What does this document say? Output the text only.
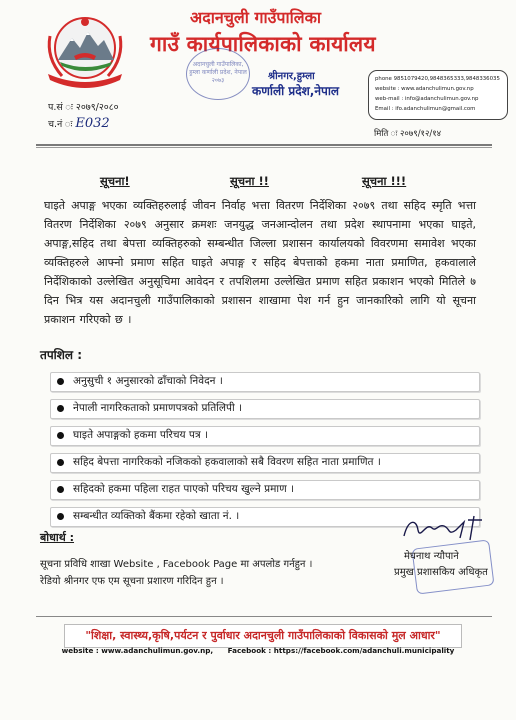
अदानचुली गाउँपालिका
गाउँ कार्यपालिकाको कार्यालय
अदानचुली गाउँपालिका, हुम्ला कर्णाली प्रदेश, नेपाल २०७३	श्रीनगर,हुम्ला
कर्णाली प्रदेश,नेपाल
phone 9851079420,9848365333,9848336035
website : www.adanchulimun.gov.np
web-mail : info@adanchulimun.gov.np
Email : ifo.adanchulimun@gmail.com
प.सं ः २०७९/२०८०
च.नं ः E032
मिति ः २०७९/१२/१४
सूचना!	सूचना !!	सूचना !!!
घाइते अपाङ्ग भएका व्यक्तिहरुलाई जीवन निर्वाह भत्ता वितरण निर्देशिका २०७९ तथा सहिद स्मृति भत्ता वितरण निर्देशिका २०७९ अनुसार क्रमशः जनयुद्ध जनआन्दोलन तथा प्रदेश स्थापनामा भएका घाइते, अपाङ्ग,सहिद तथा बेपत्ता व्यक्तिहरुको सम्बन्धीत जिल्ला प्रशासन कार्यालयको विवरणमा समावेश भएका व्यक्तिहरुले आफ्नो प्रमाण सहित घाइते अपाङ्ग र सहिद बेपत्ताको हकमा नाता प्रमाणित, हकवालाले निर्देशिकाको उल्लेखित अनुसूचिमा आवेदन र तपशिलमा उल्लेखित प्रमाण सहित प्रकाशन भएको मितिले ७ दिन भित्र यस अदानचुली गाउँपालिकाको प्रशासन शाखामा पेश गर्न हुन जानकारिको लागि यो सूचना प्रकाशन गरिएको छ ।
तपशिल :
अनुसुची १ अनुसारको ढाँचाको निवेदन ।
नेपाली नागरिकताको प्रमाणपत्रको प्रतिलिपी ।
घाइते अपाङ्गको हकमा परिचय पत्र ।
सहिद बेपत्ता नागरिकको नजिकको हकवालाको सबै विवरण सहित नाता प्रमाणित ।
सहिदको हकमा पहिला राहत पाएको परिचय खुल्ने प्रमाण ।
सम्बन्धीत व्यक्तिको बैंकमा रहेको खाता नं. ।
बोधार्थ :
सूचना प्रविधि शाखा Website , Facebook Page मा अपलोड गर्नहुन ।
रेडियो श्रीनगर एफ एम सूचना प्रशारण गरिदिन हुन ।
मेघनाथ न्यौपाने
प्रमुख प्रशासकिय अधिकृत
"शिक्षा, स्वास्थ्य,कृषि,पर्यटन र पुर्वाधार अदानचुली गाउँपालिकाको विकासको मुल आधार"
website : www.adanchulimun.gov.np, Facebook : https://facebook.com/adanchuli.municipality
